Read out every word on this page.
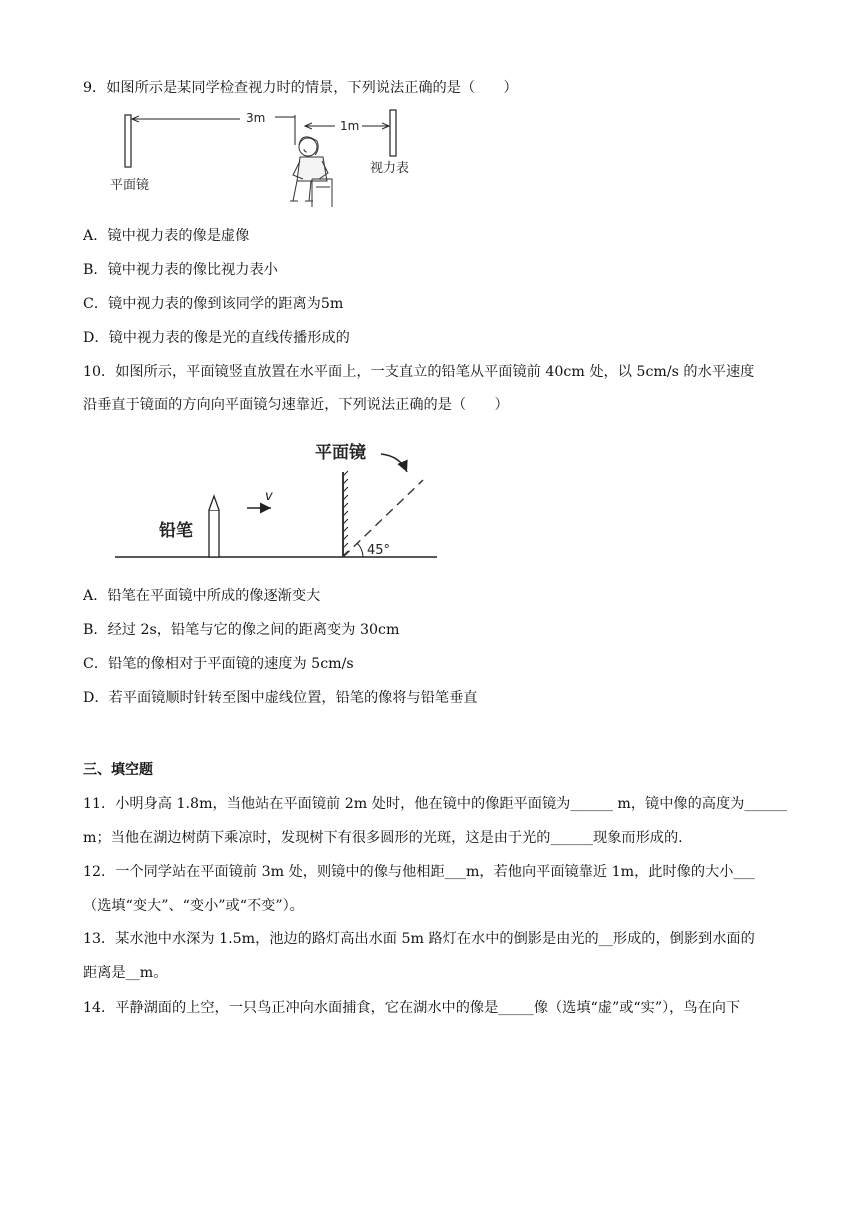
9．如图所示是某同学检查视力时的情景，下列说法正确的是（　　）
3m
1m
平面镜
视力表
A．镜中视力表的像是虚像
B．镜中视力表的像比视力表小
C．镜中视力表的像到该同学的距离为5m
D．镜中视力表的像是光的直线传播形成的
10．如图所示，平面镜竖直放置在水平面上，一支直立的铅笔从平面镜前 40cm 处，以 5cm/s 的水平速度
沿垂直于镜面的方向向平面镜匀速靠近，下列说法正确的是（　　）
铅笔
v
平面镜
45°
A．铅笔在平面镜中所成的像逐渐变大
B．经过 2s，铅笔与它的像之间的距离变为 30cm
C．铅笔的像相对于平面镜的速度为 5cm/s
D．若平面镜顺时针转至图中虚线位置，铅笔的像将与铅笔垂直
三、填空题
11．小明身高 1.8m，当他站在平面镜前 2m 处时，他在镜中的像距平面镜为______ m，镜中像的高度为______
m；当他在湖边树荫下乘凉时，发现树下有很多圆形的光斑，这是由于光的______现象而形成的.
12．一个同学站在平面镜前 3m 处，则镜中的像与他相距___m，若他向平面镜靠近 1m，此时像的大小___
（选填“变大”、“变小”或“不变”）。
13．某水池中水深为 1.5m，池边的路灯高出水面 5m 路灯在水中的倒影是由光的__形成的，倒影到水面的
距离是__m。
14．平静湖面的上空，一只鸟正冲向水面捕食，它在湖水中的像是_____像（选填“虚”或“实”），鸟在向下
